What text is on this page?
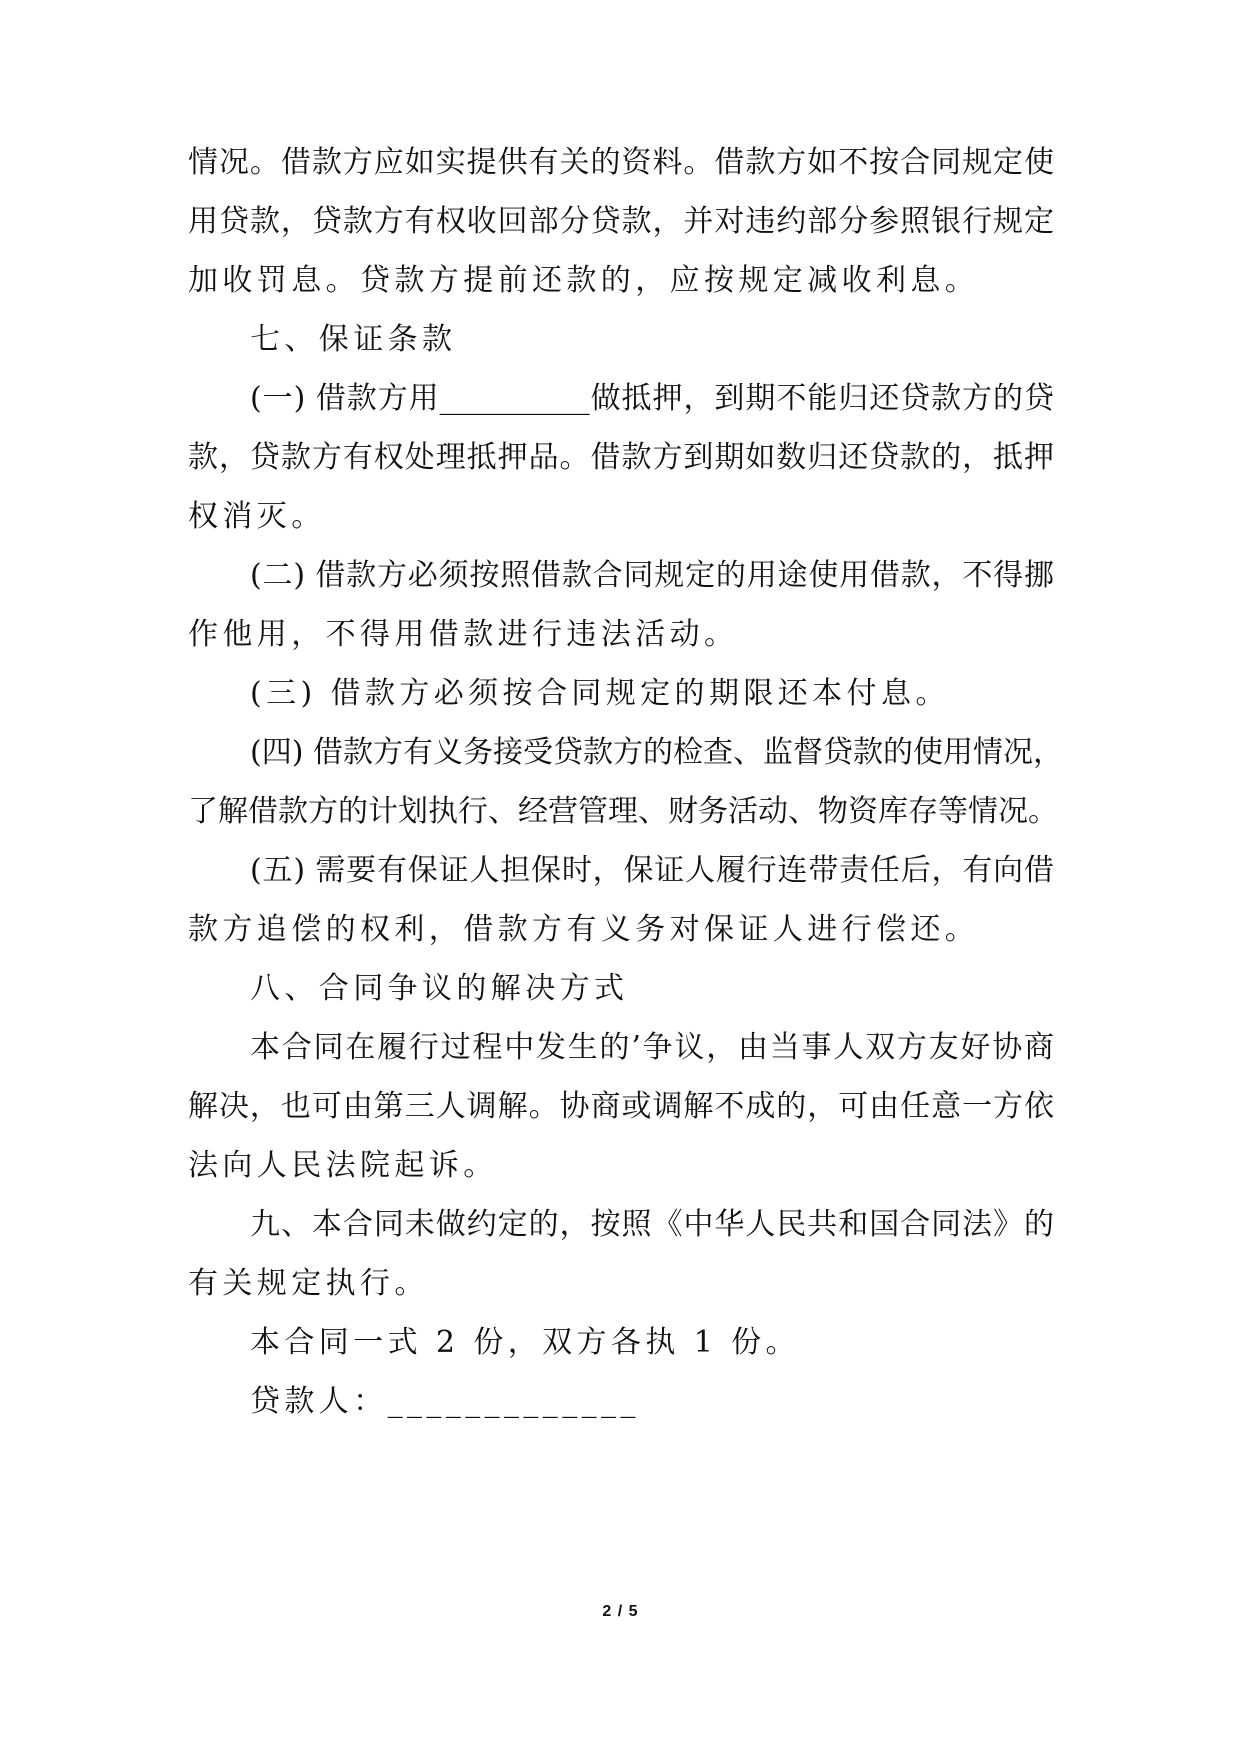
情况。借款方应如实提供有关的资料。借款方如不按合同规定使
用贷款，贷款方有权收回部分贷款，并对违约部分参照银行规定
加收罚息。贷款方提前还款的，应按规定减收利息。
七、保证条款
(一) 借款方用__________做抵押，到期不能归还贷款方的贷
款，贷款方有权处理抵押品。借款方到期如数归还贷款的，抵押
权消灭。
(二) 借款方必须按照借款合同规定的用途使用借款，不得挪
作他用，不得用借款进行违法活动。
(三) 借款方必须按合同规定的期限还本付息。
(四) 借款方有义务接受贷款方的检查、监督贷款的使用情况，
了解借款方的计划执行、经营管理、财务活动、物资库存等情况。
(五) 需要有保证人担保时，保证人履行连带责任后，有向借
款方追偿的权利，借款方有义务对保证人进行偿还。
八、合同争议的解决方式
本合同在履行过程中发生的’争议，由当事人双方友好协商
解决，也可由第三人调解。协商或调解不成的，可由任意一方依
法向人民法院起诉。
九、本合同未做约定的，按照《中华人民共和国合同法》的
有关规定执行。
本合同一式 2 份，双方各执 1 份。
贷款人：_____________
2 / 5
